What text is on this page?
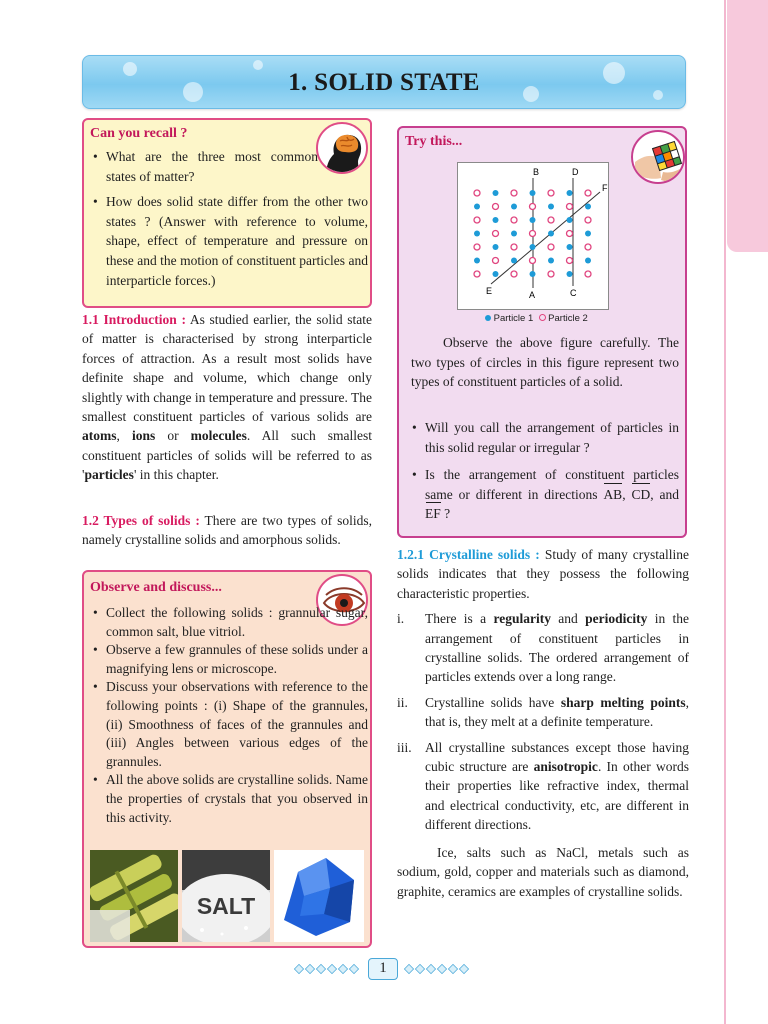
1. SOLID STATE
Can you recall ?
• What are the three most common states of matter?
• How does solid state differ from the other two states ? (Answer with reference to volume, shape, effect of temperature and pressure on these and the motion of constituent particles and interparticle forces.)
1.1 Introduction : As studied earlier, the solid state of matter is characterised by strong interparticle forces of attraction. As a result most solids have definite shape and volume, which change only slightly with change in temperature and pressure. The smallest constituent particles of various solids are atoms, ions or molecules. All such smallest constituent particles of solids will be referred to as 'particles' in this chapter.
1.2 Types of solids : There are two types of solids, namely crystalline solids and amorphous solids.
Observe and discuss...
• Collect the following solids : grannular sugar, common salt, blue vitriol.
• Observe a few grannules of these solids under a magnifying lens or microscope.
• Discuss your observations with reference to the following points : (i) Shape of the grannules, (ii) Smoothness of faces of the grannules and (iii) Angles between various edges of the grannules.
• All the above solids are crystalline solids. Name the properties of crystals that you observed in this activity.
SALT
Try this...
B	D
F
E	A	C
Particle 1 Particle 2
Observe the above figure carefully. The two types of circles in this figure represent two types of constituent particles of a solid.
• Will you call the arrangement of particles in this solid regular or irregular ?
• Is the arrangement of constituent particles same or different in directions AB, CD, and EF ?
1.2.1 Crystalline solids : Study of many crystalline solids indicates that they possess the following characteristic properties.
i. There is a regularity and periodicity in the arrangement of constituent particles in crystalline solids. The ordered arrangement of particles extends over a long range.
ii. Crystalline solids have sharp melting points, that is, they melt at a definite temperature.
iii. All crystalline substances except those having cubic structure are anisotropic. In other words their properties like refractive index, thermal and electrical conductivity, etc, are different in different directions.
Ice, salts such as NaCl, metals such as sodium, gold, copper and materials such as diamond, graphite, ceramics are examples of crystalline solids.
1
